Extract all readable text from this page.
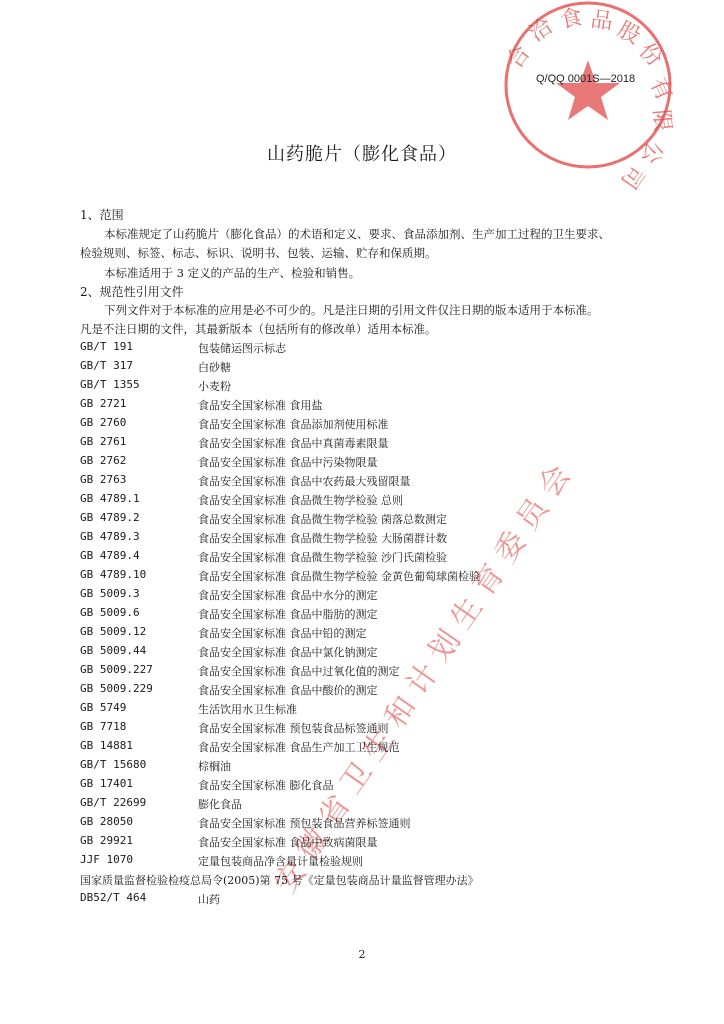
合
洽 食 品
股
份
有
限
公
司
安
徽
省
卫
生
和
计
划
生
育
委
员
会
Q/QQ 0001S—2018
山药脆片（膨化食品）
1、范围
本标准规定了山药脆片（膨化食品）的术语和定义、要求、食品添加剂、生产加工过程的卫生要求、
检验规则、标签、标志、标识、说明书、包装、运输、贮存和保质期。
本标准适用于 3 定义的产品的生产、检验和销售。
2、规范性引用文件
下列文件对于本标准的应用是必不可少的。凡是注日期的引用文件仅注日期的版本适用于本标准。
凡是不注日期的文件，其最新版本（包括所有的修改单）适用本标准。
GB/T 191	包装储运图示标志
GB/T 317	白砂糖
GB/T 1355	小麦粉
GB 2721	食品安全国家标准 食用盐
GB 2760	食品安全国家标准 食品添加剂使用标准
GB 2761	食品安全国家标准 食品中真菌毒素限量
GB 2762	食品安全国家标准 食品中污染物限量
GB 2763	食品安全国家标准 食品中农药最大残留限量
GB 4789.1	食品安全国家标准 食品微生物学检验 总则
GB 4789.2	食品安全国家标准 食品微生物学检验 菌落总数测定
GB 4789.3	食品安全国家标准 食品微生物学检验 大肠菌群计数
GB 4789.4	食品安全国家标准 食品微生物学检验 沙门氏菌检验
GB 4789.10	食品安全国家标准 食品微生物学检验 金黄色葡萄球菌检验
GB 5009.3	食品安全国家标准 食品中水分的测定
GB 5009.6	食品安全国家标准 食品中脂肪的测定
GB 5009.12	食品安全国家标准 食品中铅的测定
GB 5009.44	食品安全国家标准 食品中氯化钠测定
GB 5009.227	食品安全国家标准 食品中过氧化值的测定
GB 5009.229	食品安全国家标准 食品中酸价的测定
GB 5749	生活饮用水卫生标准
GB 7718	食品安全国家标准 预包装食品标签通则
GB 14881	食品安全国家标准 食品生产加工卫生规范
GB/T 15680	棕榈油
GB 17401	食品安全国家标准 膨化食品
GB/T 22699	膨化食品
GB 28050	食品安全国家标准 预包装食品营养标签通则
GB 29921	食品安全国家标准 食品中致病菌限量
JJF 1070	定量包装商品净含量计量检验规则
国家质量监督检验检疫总局令(2005)第 75 号《定量包装商品计量监督管理办法》
DB52/T 464	山药
2
